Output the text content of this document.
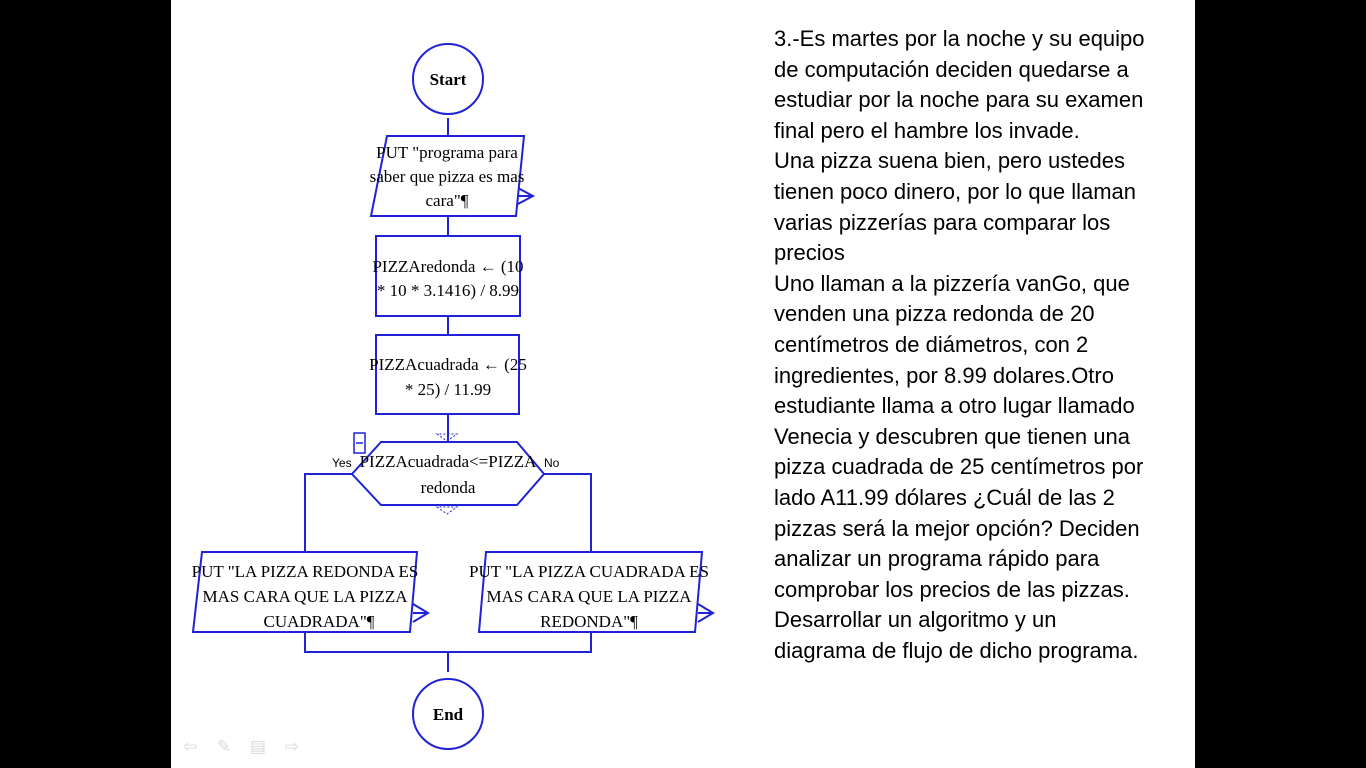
Start
PUT "programa para
saber que pizza es mas
cara"¶
PIZZAredonda ← (10
* 10 * 3.1416) / 8.99
PIZZAcuadrada ← (25
* 25) / 11.99
PIZZAcuadrada<=PIZZA
redonda
Yes	No
PUT "LA PIZZA REDONDA ES
MAS CARA QUE LA PIZZA
CUADRADA"¶
PUT "LA PIZZA CUADRADA ES
MAS CARA QUE LA PIZZA
REDONDA"¶
End

3.-Es martes por la noche y su equipo de computación deciden quedarse a estudiar por la noche para su examen final pero el hambre los invade.

Una pizza suena bien, pero ustedes tienen poco dinero, por lo que llaman varias pizzerías para comparar los precios

Uno llaman a la pizzería vanGo, que venden una pizza redonda de 20 centímetros de diámetros, con 2 ingredientes, por 8.99 dolares.Otro estudiante llama a otro lugar llamado Venecia y descubren que tienen una pizza cuadrada de 25 centímetros por lado A11.99 dólares ¿Cuál de las 2 pizzas será la mejor opción? Deciden analizar un programa rápido para comprobar los precios de las pizzas. Desarrollar un algoritmo y un diagrama de flujo de dicho programa.

⇦ ✎ ▤ ⇨
